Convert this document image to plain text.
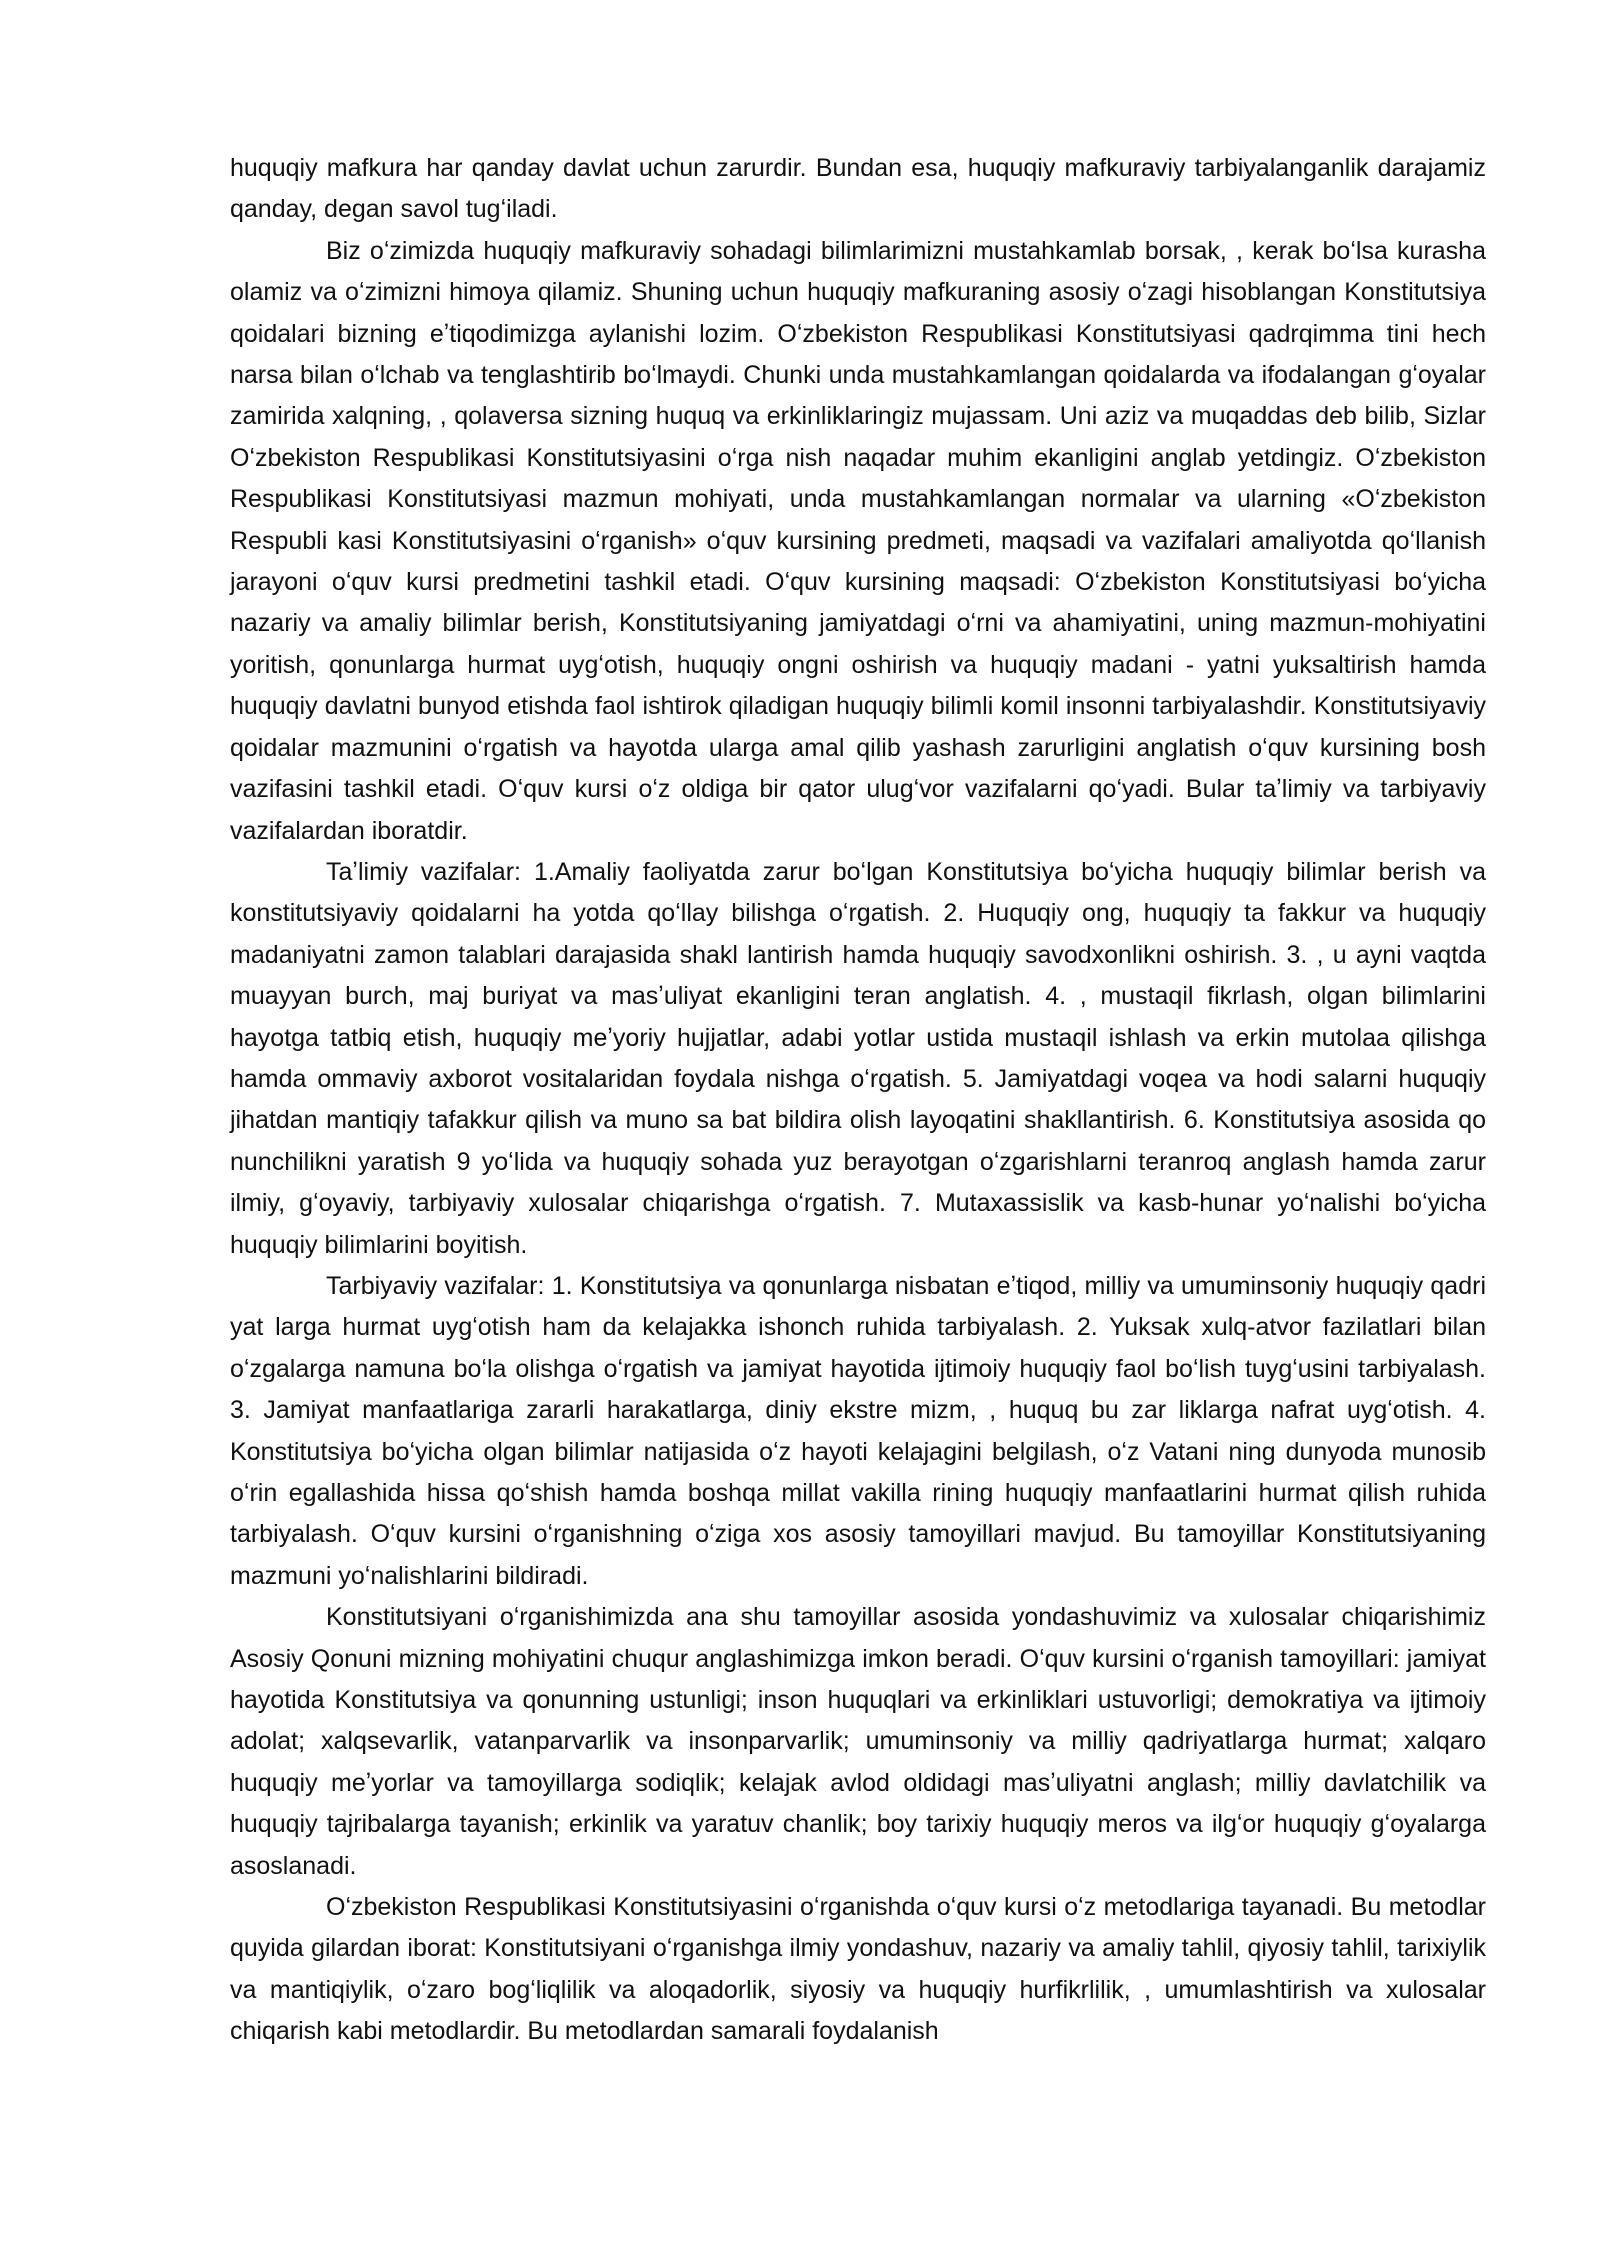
huquqiy mafkura har qanday davlat uchun zarurdir. Bundan esa, huquqiy mafkuraviy tarbiyalanganlik darajamiz qanday, degan savol tugʻiladi.

Biz oʻzimizda huquqiy mafkuraviy sohadagi bilimlarimizni mustahkamlab borsak, , kerak boʻlsa kurasha olamiz va oʻzimizni himoya qilamiz. Shuning uchun huquqiy mafkuraning asosiy oʻzagi hisoblangan Konstitutsiya qoidalari bizning eʼtiqodimizga aylanishi lozim. Oʻzbekiston Respublikasi Konstitutsiyasi qadrqimma tini hech narsa bilan oʻlchab va tenglashtirib boʻlmaydi. Chunki unda mustahkamlangan qoidalarda va ifodalangan gʻoyalar zamirida xalqning, , qolaversa sizning huquq va erkinliklaringiz mujassam. Uni aziz va muqaddas deb bilib, Sizlar Oʻzbekiston Respublikasi Konstitutsiyasini oʻrga nish naqadar muhim ekanligini anglab yetdingiz. Oʻzbekiston Respublikasi Konstitutsiyasi mazmun mohiyati, unda mustahkamlangan normalar va ularning «Oʻzbekiston Respubli kasi Konstitutsiyasini oʻrganish» oʻquv kursining predmeti, maqsadi va vazifalari amaliyotda qoʻllanish jarayoni oʻquv kursi predmetini tashkil etadi. Oʻquv kursining maqsadi: Oʻzbekiston Konstitutsiyasi boʻyicha nazariy va amaliy bilimlar berish, Konstitutsiyaning jamiyatdagi oʻrni va ahamiyatini, uning mazmun-mohiyatini yoritish, qonunlarga hurmat uygʻotish, huquqiy ongni oshirish va huquqiy madani - yatni yuksaltirish hamda huquqiy davlatni bunyod etishda faol ishtirok qiladigan huquqiy bilimli komil insonni tarbiyalashdir. Konstitutsiyaviy qoidalar mazmunini oʻrgatish va hayotda ularga amal qilib yashash zarurligini anglatish oʻquv kursining bosh vazifasini tashkil etadi. Oʻquv kursi oʻz oldiga bir qator ulugʻvor vazifalarni qoʻyadi. Bular taʼlimiy va tarbiyaviy vazifalardan iboratdir.

Taʼlimiy vazifalar: 1.Amaliy faoliyatda zarur boʻlgan Konstitutsiya boʻyicha huquqiy bilimlar berish va konstitutsiyaviy qoidalarni ha yotda qoʻllay bilishga oʻrgatish. 2. Huquqiy ong, huquqiy ta fakkur va huquqiy madaniyatni zamon talablari darajasida shakl lantirish hamda huquqiy savodxonlikni oshirish. 3. , u ayni vaqtda muayyan burch, maj buriyat va masʼuliyat ekanligini teran anglatish. 4. , mustaqil fikrlash, olgan bilimlarini hayotga tatbiq etish, huquqiy meʼyoriy hujjatlar, adabi yotlar ustida mustaqil ishlash va erkin mutolaa qilishga hamda ommaviy axborot vositalaridan foydala nishga oʻrgatish. 5. Jamiyatdagi voqea va hodi salarni huquqiy jihatdan mantiqiy tafakkur qilish va muno sa bat bildira olish layoqatini shakllantirish. 6. Konstitutsiya asosida qo nunchilikni yaratish 9 yoʻlida va huquqiy sohada yuz berayotgan oʻzgarishlarni teranroq anglash hamda zarur ilmiy, gʻoyaviy, tarbiyaviy xulosalar chiqarishga oʻrgatish. 7. Mutaxassislik va kasb-hunar yoʻnalishi boʻyicha huquqiy bilimlarini boyitish.

Tarbiyaviy vazifalar: 1. Konstitutsiya va qonunlarga nisbatan eʼtiqod, milliy va umuminsoniy huquqiy qadri yat larga hurmat uygʻotish ham da kelajakka ishonch ruhida tarbiyalash. 2. Yuksak xulq-atvor fazilatlari bilan oʻzgalarga namuna boʻla olishga oʻrgatish va jamiyat hayotida ijtimoiy huquqiy faol boʻlish tuygʻusini tarbiyalash. 3. Jamiyat manfaatlariga zararli harakatlarga, diniy ekstre mizm, , huquq bu zar liklarga nafrat uygʻotish. 4. Konstitutsiya boʻyicha olgan bilimlar natijasida oʻz hayoti kelajagini belgilash, oʻz Vatani ning dunyoda munosib oʻrin egallashida hissa qoʻshish hamda boshqa millat vakilla rining huquqiy manfaatlarini hurmat qilish ruhida tarbiyalash. Oʻquv kursini oʻrganishning oʻziga xos asosiy tamoyillari mavjud. Bu tamoyillar Konstitutsiyaning mazmuni yoʻnalishlarini bildiradi.

Konstitutsiyani oʻrganishimizda ana shu tamoyillar asosida yondashuvimiz va xulosalar chiqarishimiz Asosiy Qonuni mizning mohiyatini chuqur anglashimizga imkon beradi. Oʻquv kursini oʻrganish tamoyillari: jamiyat hayotida Konstitutsiya va qonunning ustunligi; inson huquqlari va erkinliklari ustuvorligi; demokratiya va ijtimoiy adolat; xalqsevarlik, vatanparvarlik va insonparvarlik; umuminsoniy va milliy qadriyatlarga hurmat; xalqaro huquqiy meʼyorlar va tamoyillarga sodiqlik; kelajak avlod oldidagi masʼuliyatni anglash; milliy davlatchilik va huquqiy tajribalarga tayanish; erkinlik va yaratuv chanlik; boy tarixiy huquqiy meros va ilgʻor huquqiy gʻoyalarga asoslanadi.

Oʻzbekiston Respublikasi Konstitutsiyasini oʻrganishda oʻquv kursi oʻz metodlariga tayanadi. Bu metodlar quyida gilardan iborat: Konstitutsiyani oʻrganishga ilmiy yondashuv, nazariy va amaliy tahlil, qiyosiy tahlil, tarixiylik va mantiqiylik, oʻzaro bogʻliqlilik va aloqadorlik, siyosiy va huquqiy hurfikrlilik, , umumlashtirish va xulosalar chiqarish kabi metodlardir. Bu metodlardan samarali foydalanish
